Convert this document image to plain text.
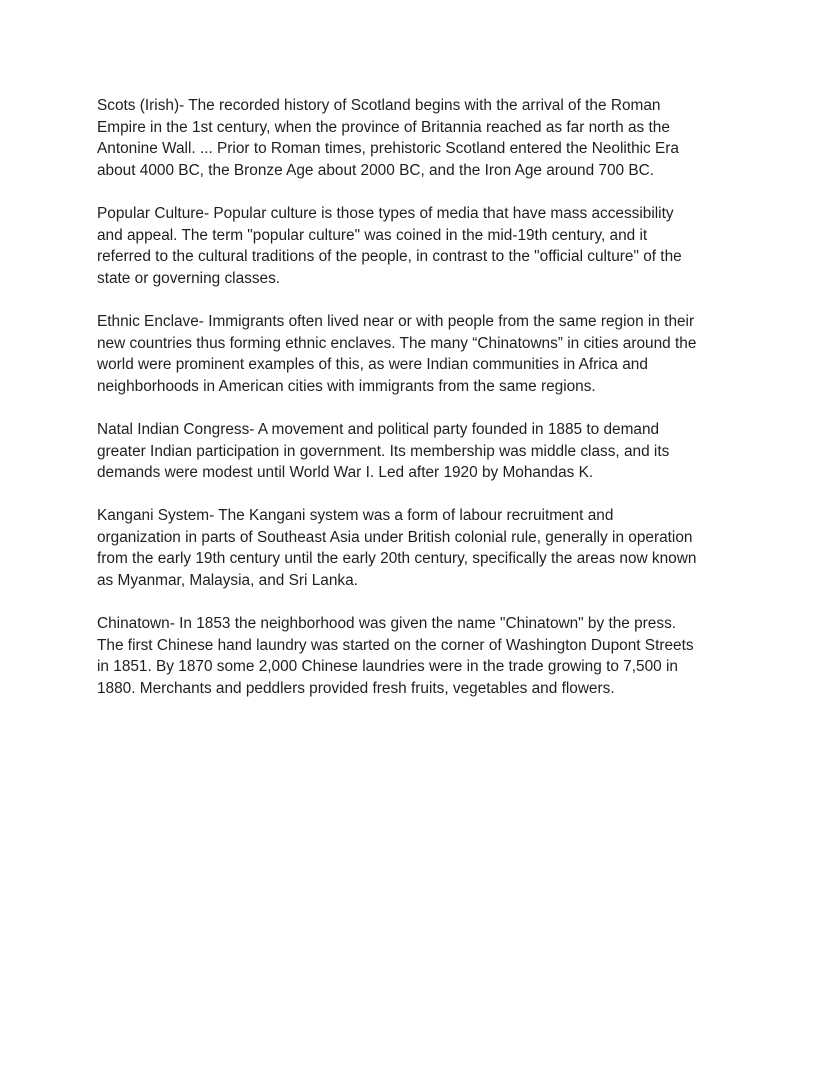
Scots (Irish)- The recorded history of Scotland begins with the arrival of the Roman
Empire in the 1st century, when the province of Britannia reached as far north as the
Antonine Wall. ... Prior to Roman times, prehistoric Scotland entered the Neolithic Era
about 4000 BC, the Bronze Age about 2000 BC, and the Iron Age around 700 BC.

Popular Culture- Popular culture is those types of media that have mass accessibility
and appeal. The term "popular culture" was coined in the mid-19th century, and it
referred to the cultural traditions of the people, in contrast to the "official culture" of the
state or governing classes.

Ethnic Enclave- Immigrants often lived near or with people from the same region in their
new countries thus forming ethnic enclaves. The many “Chinatowns” in cities around the
world were prominent examples of this, as were Indian communities in Africa and
neighborhoods in American cities with immigrants from the same regions.

Natal Indian Congress- A movement and political party founded in 1885 to demand
greater Indian participation in government. Its membership was middle class, and its
demands were modest until World War I. Led after 1920 by Mohandas K.

Kangani System- The Kangani system was a form of labour recruitment and
organization in parts of Southeast Asia under British colonial rule, generally in operation
from the early 19th century until the early 20th century, specifically the areas now known
as Myanmar, Malaysia, and Sri Lanka.

Chinatown- In 1853 the neighborhood was given the name "Chinatown" by the press.
The first Chinese hand laundry was started on the corner of Washington Dupont Streets
in 1851. By 1870 some 2,000 Chinese laundries were in the trade growing to 7,500 in
1880. Merchants and peddlers provided fresh fruits, vegetables and flowers.
